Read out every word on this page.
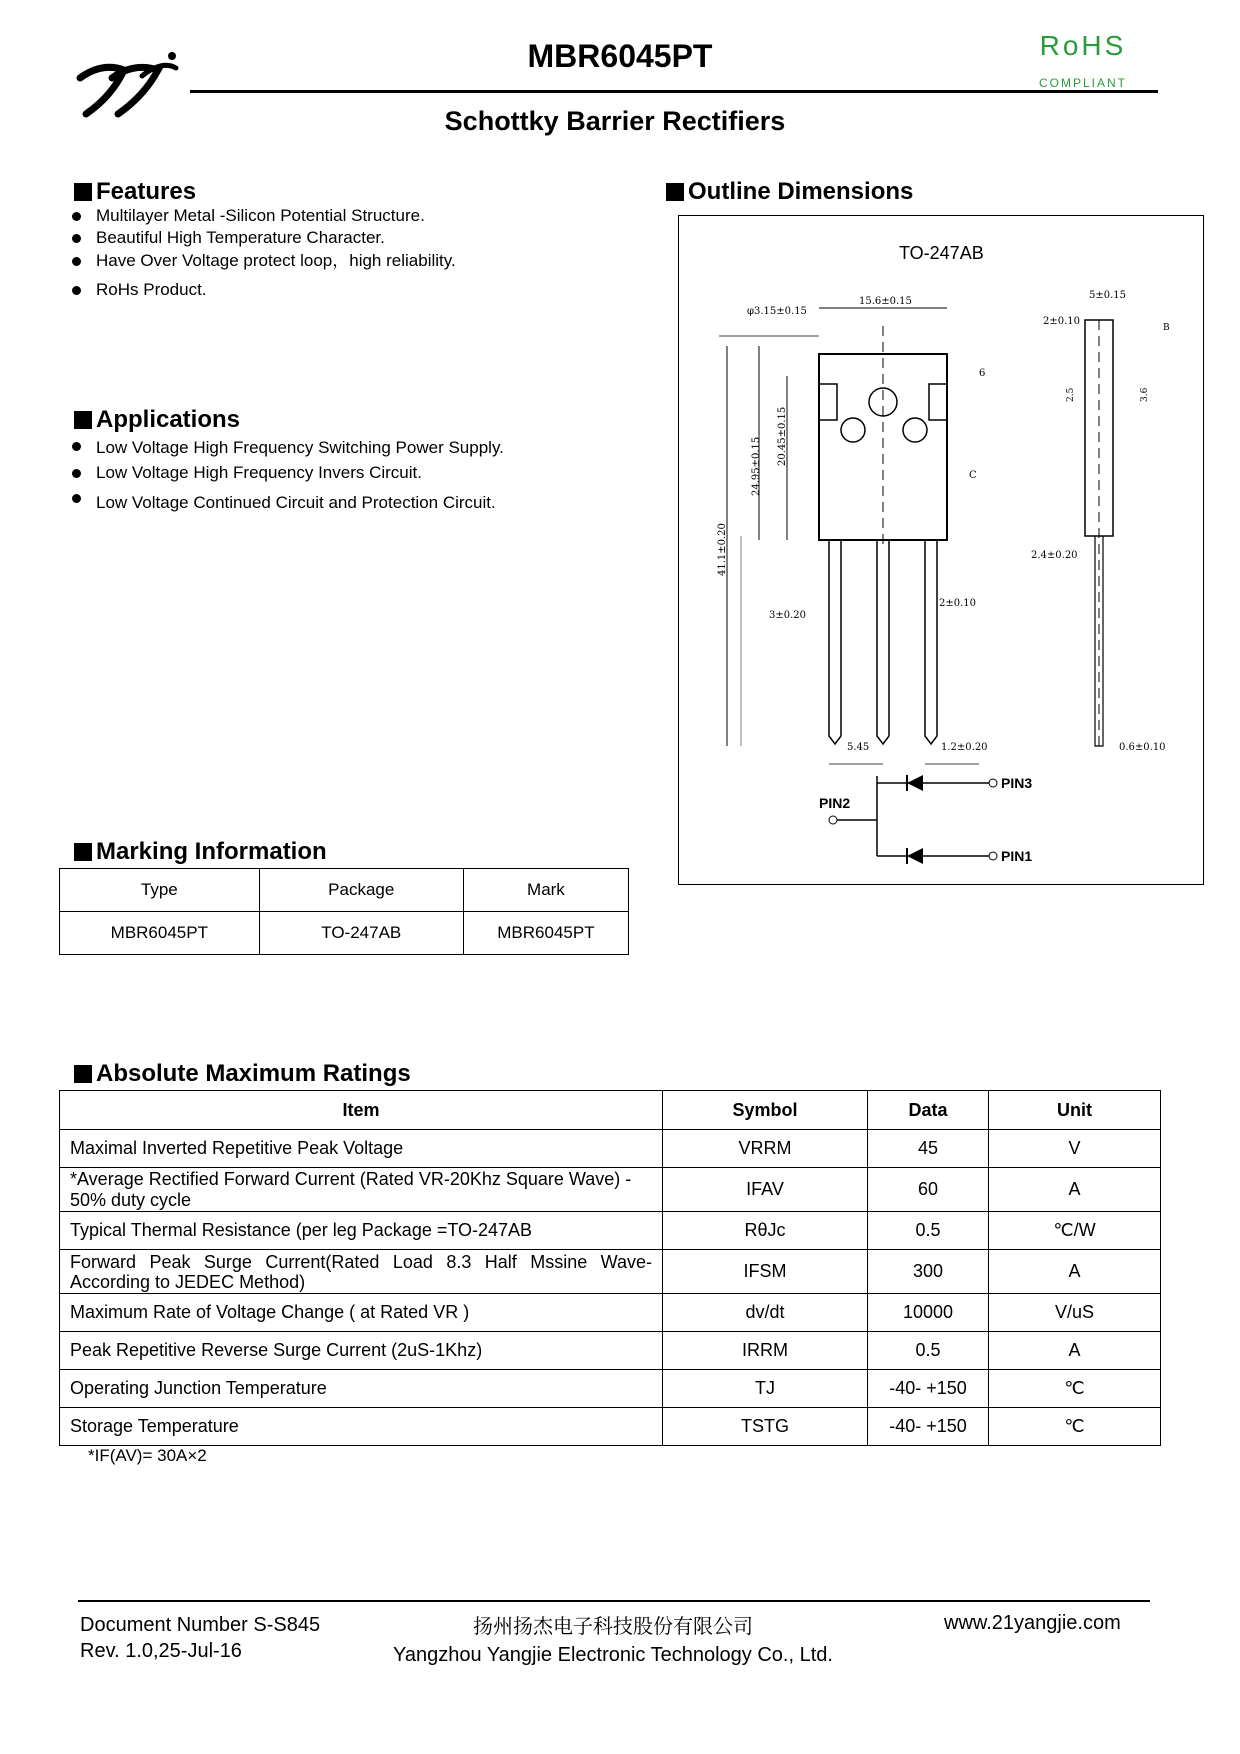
MBR6045PT	RoHS
COMPLIANT
Schottky Barrier Rectifiers
Features
Multilayer Metal -Silicon Potential Structure.
Beautiful High Temperature Character.
Have Over Voltage protect loop，high reliability.
RoHs Product.
Applications
Low Voltage High Frequency Switching Power Supply.
Low Voltage High Frequency Invers Circuit.
Low Voltage Continued Circuit and Protection Circuit.
Outline Dimensions
TO-247AB
15.6±0.15
φ3.15±0.15
6
C
2±0.10
3±0.20
5.45	1.2±0.20
20.45±0.15
24.95±0.15
41.1±0.20
5±0.15
2±0.10
B
2.5	3.6
2.4±0.20
0.6±0.10
PIN3
PIN1
PIN2
Marking Information
Type	Package	Mark
MBR6045PT	TO-247AB	MBR6045PT
Absolute Maximum Ratings
Item	Symbol	Data	Unit
Maximal Inverted Repetitive Peak Voltage	VRRM	45	V
*Average Rectified Forward Current (Rated VR-20Khz Square Wave) - 50% duty cycle	IFAV	60	A
Typical Thermal Resistance (per leg Package =TO-247AB	RθJc	0.5	℃/W
Forward Peak Surge Current(Rated Load 8.3 Half Mssine Wave-According to JEDEC Method)	IFSM	300	A
Maximum Rate of Voltage Change ( at Rated VR )	dv/dt	10000	V/uS
Peak Repetitive Reverse Surge Current (2uS-1Khz)	IRRM	0.5	A
Operating Junction Temperature	TJ	-40- +150	℃
Storage Temperature	TSTG	-40- +150	℃
*IF(AV)= 30A×2
Document Number S-S845
Rev. 1.0,25-Jul-16
扬州扬杰电子科技股份有限公司
Yangzhou Yangjie Electronic Technology Co., Ltd.
www.21yangjie.com
